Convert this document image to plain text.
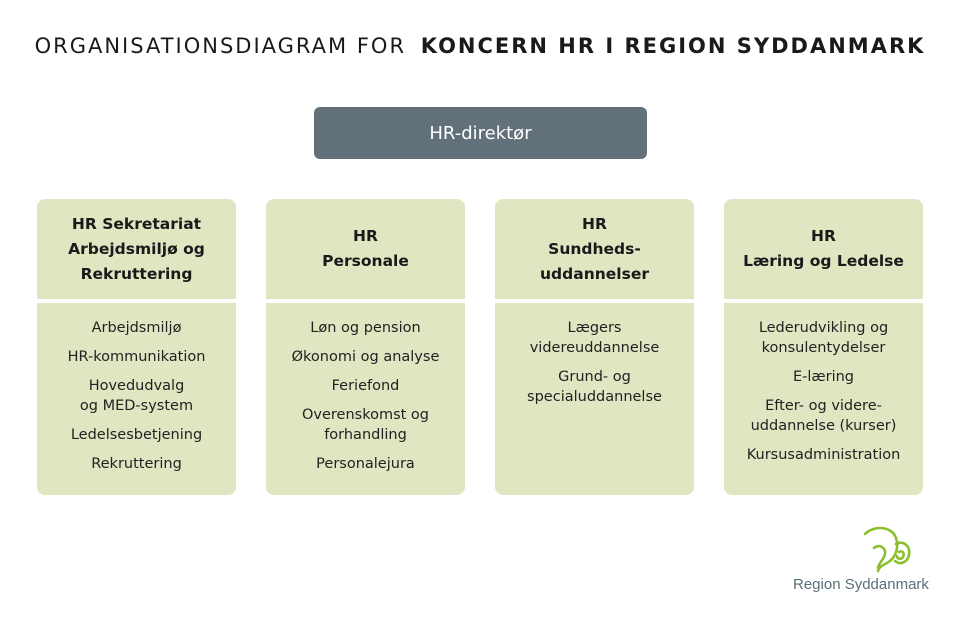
ORGANISATIONSDIAGRAM FOR KONCERN HR I REGION SYDDANMARK
HR-direktør
HR Sekretariat
Arbejdsmiljø og
Rekruttering
Arbejdsmiljø
HR-kommunikation
Hovedudvalg
og MED-system
Ledelsesbetjening
Rekruttering
HR
Personale
Løn og pension
Økonomi og analyse
Feriefond
Overenskomst og
forhandling
Personalejura
HR
Sundheds-
uddannelser
Lægers
videreuddannelse
Grund- og
specialuddannelse
HR
Læring og Ledelse
Lederudvikling og
konsulentydelser
E-læring
Efter- og videre-
uddannelse (kurser)
Kursusadministration
Region Syddanmark
